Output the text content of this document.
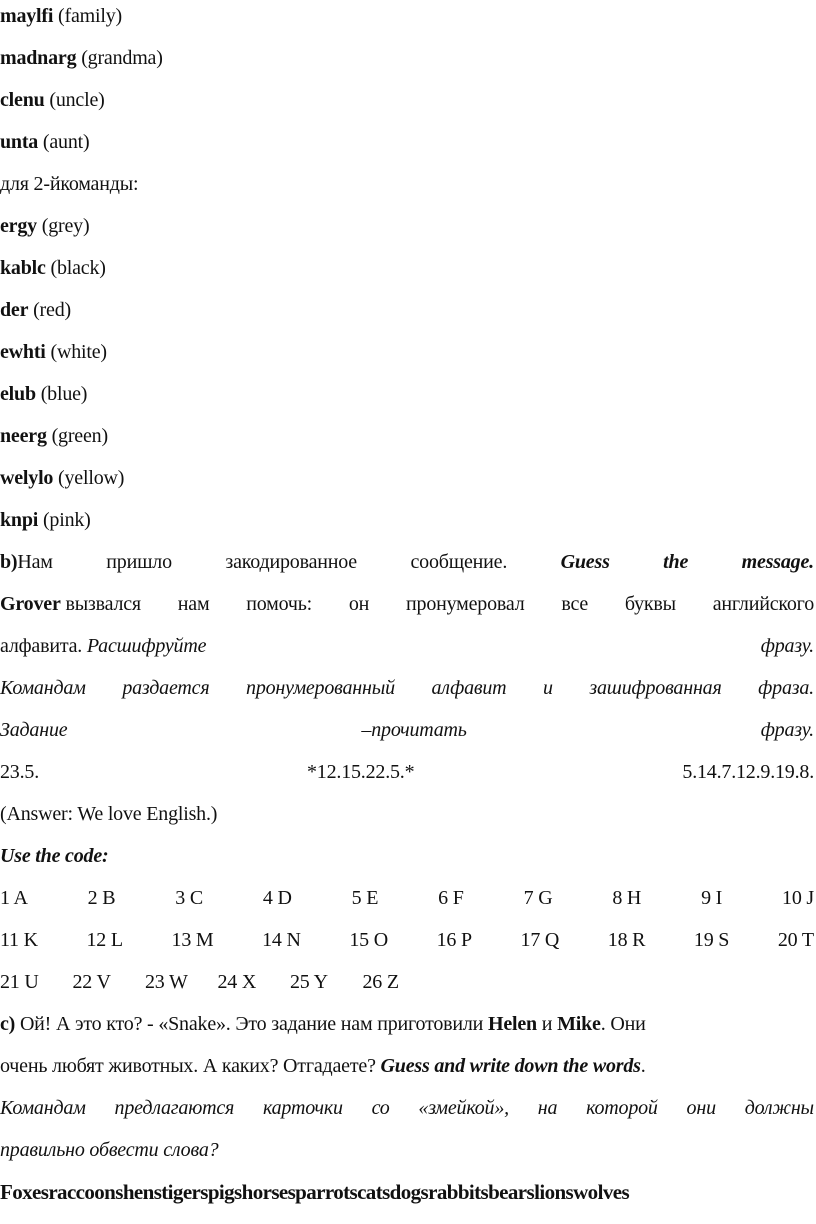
maylfi (family)
madnarg (grandma)
clenu (uncle)
unta (aunt)
для 2-йкоманды:
ergy (grey)
kablc (black)
der (red)
ewhti (white)
elub (blue)
neerg (green)
welylo (yellow)
knpi (pink)
b)Нам	пришло	закодированное	сообщение.	Guess	the	message.
Grover вызвался нам помочь: он пронумеровал все буквы английского
алфавита. Расшифруйте	фразу.
Командам раздается пронумерованный алфавит и зашифрованная фраза.
Задание	–прочитать	фразу.
23.5.	*12.15.22.5.*	5.14.7.12.9.19.8.
(Answer: We love English.)
Use the code:
1 A	2 B	3 C	4 D	5 E	6 F	7 G	8 H	9 I	10 J
11 K 12 L 13 M 14 N 15 O 16 P 17 Q 18 R 19 S 20 T
21 U	22 V	23 W	24 X	25 Y	26 Z
c) Ой! А это кто? - «Snake». Это задание нам приготовили Helen и Mike. Они
очень любят животных. А каких? Отгадаете? Guess and write down the words.
Командам предлагаются карточки со «змейкой», на которой они должны
правильно обвести слова?
Foxesraccoonshenstigerspigshorsesparrotscatsdogsrabbitsbearslionswolves
